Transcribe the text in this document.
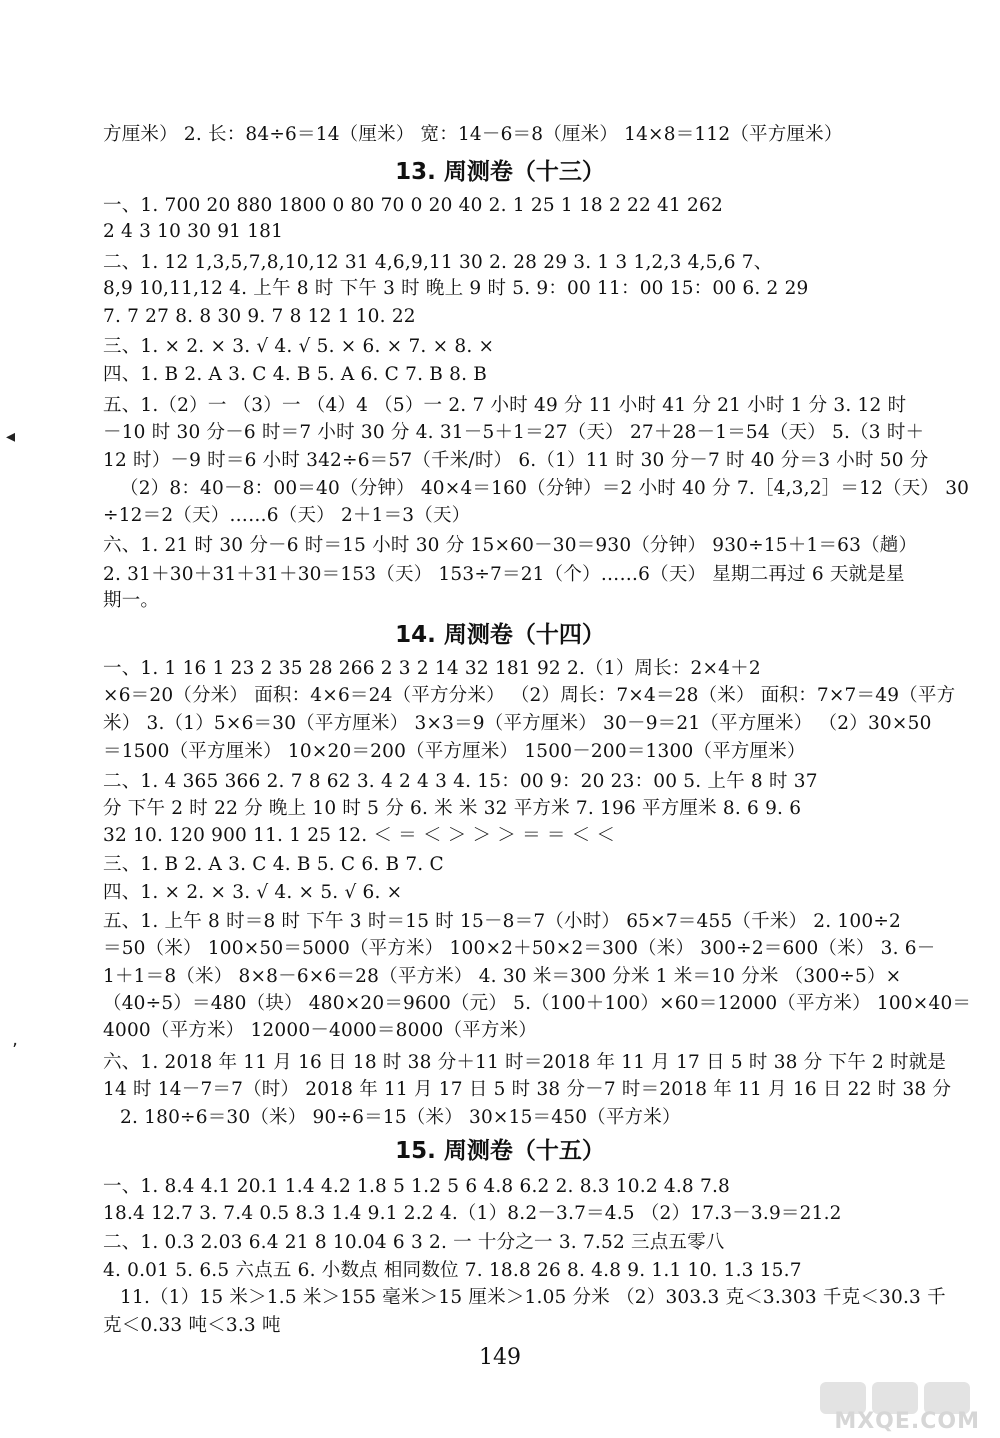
方厘米） 2. 长：84÷6＝14（厘米） 宽：14－6＝8（厘米） 14×8＝112（平方厘米）
13. 周测卷（十三）
一、1. 700 20 880 1800 0 80 70 0 20 40 2. 1 25 1 18 2 22 41 262
2 4 3 10 30 91 181
二、1. 12 1,3,5,7,8,10,12 31 4,6,9,11 30 2. 28 29 3. 1 3 1,2,3 4,5,6 7、
8,9 10,11,12 4. 上午 8 时 下午 3 时 晚上 9 时 5. 9：00 11：00 15：00 6. 2 29
7. 7 27 8. 8 30 9. 7 8 12 1 10. 22
三、1. × 2. × 3. √ 4. √ 5. × 6. × 7. × 8. ×
四、1. B 2. A 3. C 4. B 5. A 6. C 7. B 8. B
五、1.（2）一 （3）一 （4）4 （5）一 2. 7 小时 49 分 11 小时 41 分 21 小时 1 分 3. 12 时
－10 时 30 分－6 时＝7 小时 30 分 4. 31－5＋1＝27（天） 27＋28－1＝54（天） 5.（3 时＋
12 时）－9 时＝6 小时 342÷6＝57（千米/时） 6.（1）11 时 30 分－7 时 40 分＝3 小时 50 分
（2）8：40－8：00＝40（分钟） 40×4＝160（分钟）＝2 小时 40 分 7.［4,3,2］＝12（天） 30
÷12＝2（天）……6（天） 2＋1＝3（天）
六、1. 21 时 30 分－6 时＝15 小时 30 分 15×60－30＝930（分钟） 930÷15＋1＝63（趟）
2. 31＋30＋31＋31＋30＝153（天） 153÷7＝21（个）……6（天） 星期二再过 6 天就是星
期一。
14. 周测卷（十四）
一、1. 1 16 1 23 2 35 28 266 2 3 2 14 32 181 92 2.（1）周长：2×4＋2
×6＝20（分米） 面积：4×6＝24（平方分米） （2）周长：7×4＝28（米） 面积：7×7＝49（平方
米） 3.（1）5×6＝30（平方厘米） 3×3＝9（平方厘米） 30－9＝21（平方厘米） （2）30×50
＝1500（平方厘米） 10×20＝200（平方厘米） 1500－200＝1300（平方厘米）
二、1. 4 365 366 2. 7 8 62 3. 4 2 4 3 4. 15：00 9：20 23：00 5. 上午 8 时 37
分 下午 2 时 22 分 晚上 10 时 5 分 6. 米 米 32 平方米 7. 196 平方厘米 8. 6 9. 6
32 10. 120 900 11. 1 25 12. ＜ ＝ ＜ ＞ ＞ ＞ ＝ ＝ ＜ ＜
三、1. B 2. A 3. C 4. B 5. C 6. B 7. C
四、1. × 2. × 3. √ 4. × 5. √ 6. ×
五、1. 上午 8 时＝8 时 下午 3 时＝15 时 15－8＝7（小时） 65×7＝455（千米） 2. 100÷2
＝50（米） 100×50＝5000（平方米） 100×2＋50×2＝300（米） 300÷2＝600（米） 3. 6－
1＋1＝8（米） 8×8－6×6＝28（平方米） 4. 30 米＝300 分米 1 米＝10 分米 （300÷5）×
（40÷5）＝480（块） 480×20＝9600（元） 5.（100＋100）×60＝12000（平方米） 100×40＝
4000（平方米） 12000－4000＝8000（平方米）
六、1. 2018 年 11 月 16 日 18 时 38 分＋11 时＝2018 年 11 月 17 日 5 时 38 分 下午 2 时就是
14 时 14－7＝7（时） 2018 年 11 月 17 日 5 时 38 分－7 时＝2018 年 11 月 16 日 22 时 38 分
2. 180÷6＝30（米） 90÷6＝15（米） 30×15＝450（平方米）
15. 周测卷（十五）
一、1. 8.4 4.1 20.1 1.4 4.2 1.8 5 1.2 5 6 4.8 6.2 2. 8.3 10.2 4.8 7.8
18.4 12.7 3. 7.4 0.5 8.3 1.4 9.1 2.2 4.（1）8.2－3.7＝4.5 （2）17.3－3.9＝21.2
二、1. 0.3 2.03 6.4 21 8 10.04 6 3 2. 一 十分之一 3. 7.52 三点五零八
4. 0.01 5. 6.5 六点五 6. 小数点 相同数位 7. 18.8 26 8. 4.8 9. 1.1 10. 1.3 15.7
11.（1）15 米＞1.5 米＞155 毫米＞15 厘米＞1.05 分米 （2）303.3 克＜3.303 千克＜30.3 千
克＜0.33 吨＜3.3 吨
◂
ʼ
149
MXQE.COM
